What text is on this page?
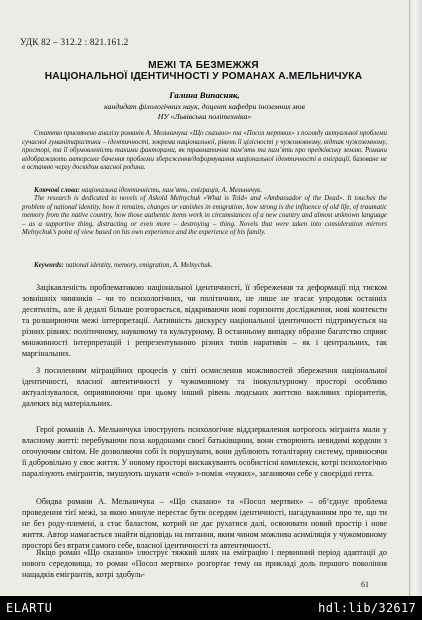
УДК 82 – 312.2 : 821.161.2

МЕЖІ ТА БЕЗМЕЖЖЯ

НАЦІОНАЛЬНОЇ ІДЕНТИЧНОСТІ У РОМАНАХ А.МЕЛЬНИЧУКА

Галина Випасняк,
кандидат філологічних наук, доцент кафедри іноземних мов
НУ «Львівська політехніка»

Статтю присвячено аналізу романів А. Мельничука «Що сказано» та «Посол мертвих» з погляду актуальної проблеми сучасної гуманітаристики – ідентичності, зокрема національної, рівень її цілісності у чужомовному, відтак чужоземному, просторі, та її обумовленість такими факторами, як травматична пам’ять та пам’ять про предківську землю. Романи відображають авторське бачення проблеми збереження/деформування національної ідентичності в еміграції, базоване не в останню чергу досвідом власної родини.

Ключові слова: національна ідентичність, пам’ять, еміграція, А. Мельничук.

The research is dedicated to novels of Askold Melnychuk «What is Told» and «Ambassador of the Dead». It touches the problem of national identity, how it remains, changes or vanishes in emigration, how strong is the influence of old life, of traumatic memory from the native country, how those authentic items work in circumstances of a new country and almost unknown language – as a supportive thing, distracting or even more – destroying – thing. Novels that were taken into consideration mirrors Melnychuk’s point of view based on his own experience and the experience of his family.

Keywords: national identity, memory, emigration, A. Melnychuk.

Зацікавленість проблематикою національної ідентичності, її збереження та деформації під тиском зовнішніх чинників – чи то психологічних, чи політичних, не лише не згасає упродовж останніх десятиліть, але й дедалі більше розгорається, відкриваючи нові горизонти дослідження, нові контексти та розширюючи межі інтерпретації. Активність дискурсу національної ідентичності підтримується на різних рівнях: політичному, науковому та культурному. В останньому випадку образне багатство сприяє множинності інтерпретацій і репрезентуванню різних типів наративів – як і центральних, так маргінальних.

З посиленням міграційних процесів у світі осмислення можливостей збереження національної ідентичності, власної автентичності у чужомовному та інокультурному просторі особливо актуалізувалося, оприявнюючи при цьому інший рівень людських життєво важливих пріоритетів, далеких від матеріальних.

Герої романів А. Мельничука ілюструють психологічне віддзеркалення котрогось мігранта мали у власному житті: перебуваючи поза кордонами своєї батьківщини, вони створюють невидимі кордони з оточуючим світом. Не дозволяючи собі їх порушувати, вони дублюють тоталітарну систему, привносячи її добровільно у своє життя. У новому просторі вискакувають особистісні комплекси, котрі психологічно паралізують емігрантів, змушують шукати «свої» з-поміж «чужих», заганяючи себе у своєрідні гетта.

Обидва романи А. Мельничука – «Що сказано» та «Посол мертвих» – об’єднує проблема проведення тієї межі, за якою минуле перестає бути осердям ідентичності, нагадуванням про те, що ти не без роду-племені, а стає баластом, котрий не дає рухатися далі, освоювати новий простір і нове життя. Автор намагається знайти відповідь на питання, яким чином можлива асиміляція у чужомовному просторі без втрати самого себе, власної ідентичності та автентичності.

Якщо роман «Що сказано» ілюструє тяжкий шлях на еміграцію і первинний період адаптації до нового середовища, то роман «Посол мертвих» розгортає тему на прикладі доль першого покоління нащадків емігрантів, котрі здобуль-

61
ELARTU	hdl:lib/32617
